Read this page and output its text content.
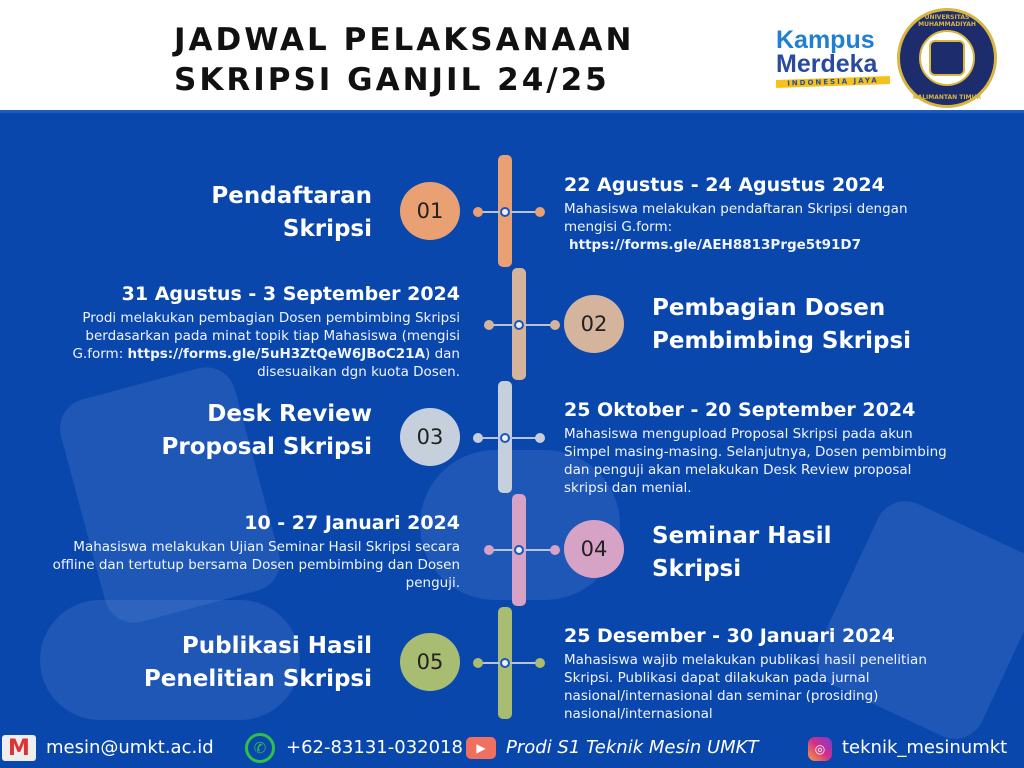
JADWAL PELAKSANAAN
SKRIPSI GANJIL 24/25
Kampus
Merdeka
INDONESIA JAYA
UNIVERSITAS MUHAMMADIYAH
KALIMANTAN TIMUR
01
Pendaftaran
Skripsi
22 Agustus - 24 Agustus 2024
Mahasiswa melakukan pendaftaran Skripsi dengan mengisi G.form:
https://forms.gle/AEH8813Prge5t91D7
02
Pembagian Dosen
Pembimbing Skripsi
31 Agustus - 3 September 2024
Prodi melakukan pembagian Dosen pembimbing Skripsi berdasarkan pada minat topik tiap Mahasiswa (mengisi G.form: https://forms.gle/5uH3ZtQeW6JBoC21A) dan disesuaikan dgn kuota Dosen.
03
Desk Review
Proposal Skripsi
25 Oktober - 20 September 2024
Mahasiswa mengupload Proposal Skripsi pada akun Simpel masing-masing. Selanjutnya, Dosen pembimbing dan penguji akan melakukan Desk Review proposal skripsi dan menial.
04	Seminar Hasil
Skripsi
10 - 27 Januari 2024
Mahasiswa melakukan Ujian Seminar Hasil Skripsi secara offline dan tertutup bersama Dosen pembimbing dan Dosen penguji.
05
Publikasi Hasil
Penelitian Skripsi
25 Desember - 30 Januari 2024
Mahasiswa wajib melakukan publikasi hasil penelitian Skripsi. Publikasi dapat dilakukan pada jurnal nasional/internasional dan seminar (prosiding) nasional/internasional
M mesin@umkt.ac.id	✆	+62-83131-032018	▶	Prodi S1 Teknik Mesin UMKT	◎ teknik_mesinumkt
